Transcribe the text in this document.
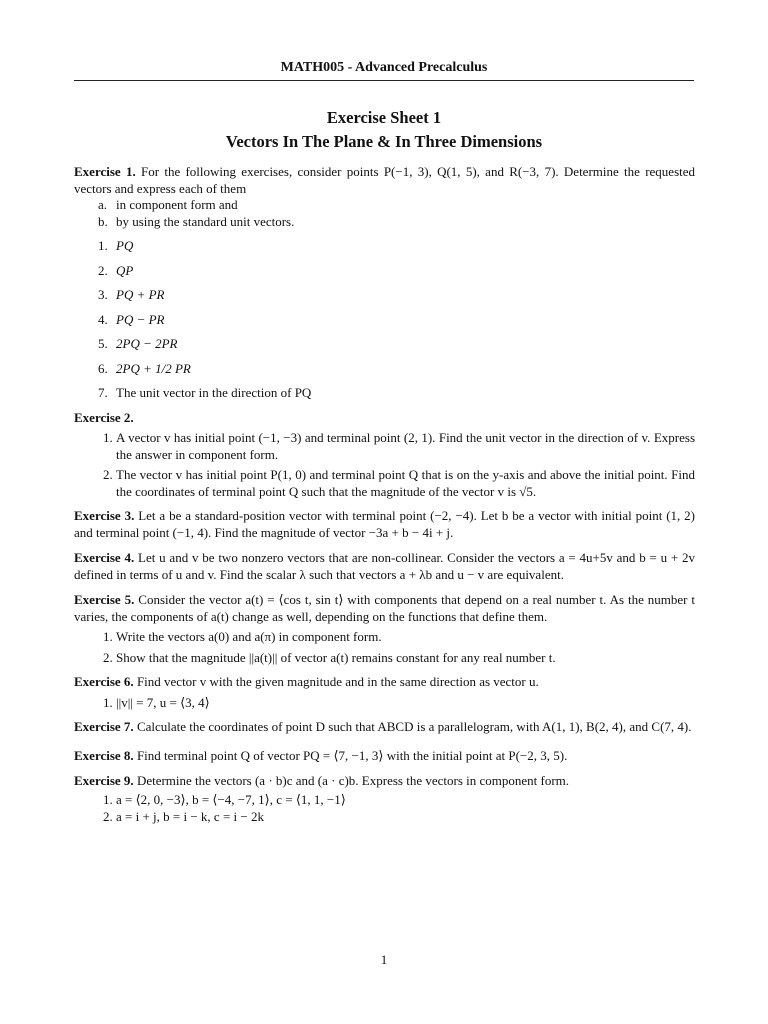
MATH005 - Advanced Precalculus
Exercise Sheet 1
Vectors In The Plane & In Three Dimensions

Exercise 1. For the following exercises, consider points P(−1, 3), Q(1, 5), and R(−3, 7). Determine the requested vectors and express each of them

a. in component form and
b. by using the standard unit vectors.
1. PQ
2. QP
3. PQ + PR
4. PQ − PR
5. 2PQ − 2PR
6. 2PQ + 1/2 PR
7. The unit vector in the direction of PQ

Exercise 2.

1. A vector v has initial point (−1, −3) and terminal point (2, 1). Find the unit vector in the direction of v. Express the answer in component form.
2. The vector v has initial point P(1, 0) and terminal point Q that is on the y-axis and above the initial point. Find the coordinates of terminal point Q such that the magnitude of the vector v is √5.

Exercise 3. Let a be a standard-position vector with terminal point (−2, −4). Let b be a vector with initial point (1, 2) and terminal point (−1, 4). Find the magnitude of vector −3a + b − 4i + j.

Exercise 4. Let u and v be two nonzero vectors that are non-collinear. Consider the vectors a = 4u+5v and b = u + 2v defined in terms of u and v. Find the scalar λ such that vectors a + λb and u − v are equivalent.

Exercise 5. Consider the vector a(t) = ⟨cos t, sin t⟩ with components that depend on a real number t. As the number t varies, the components of a(t) change as well, depending on the functions that define them.

1. Write the vectors a(0) and a(π) in component form.
2. Show that the magnitude ||a(t)|| of vector a(t) remains constant for any real number t.

Exercise 6. Find vector v with the given magnitude and in the same direction as vector u.

1. ||v|| = 7, u = ⟨3, 4⟩

Exercise 7. Calculate the coordinates of point D such that ABCD is a parallelogram, with A(1, 1), B(2, 4), and C(7, 4).

Exercise 8. Find terminal point Q of vector PQ = ⟨7, −1, 3⟩ with the initial point at P(−2, 3, 5).

Exercise 9. Determine the vectors (a · b)c and (a · c)b. Express the vectors in component form.

1. a = ⟨2, 0, −3⟩, b = ⟨−4, −7, 1⟩, c = ⟨1, 1, −1⟩
2. a = i + j, b = i − k, c = i − 2k
1
